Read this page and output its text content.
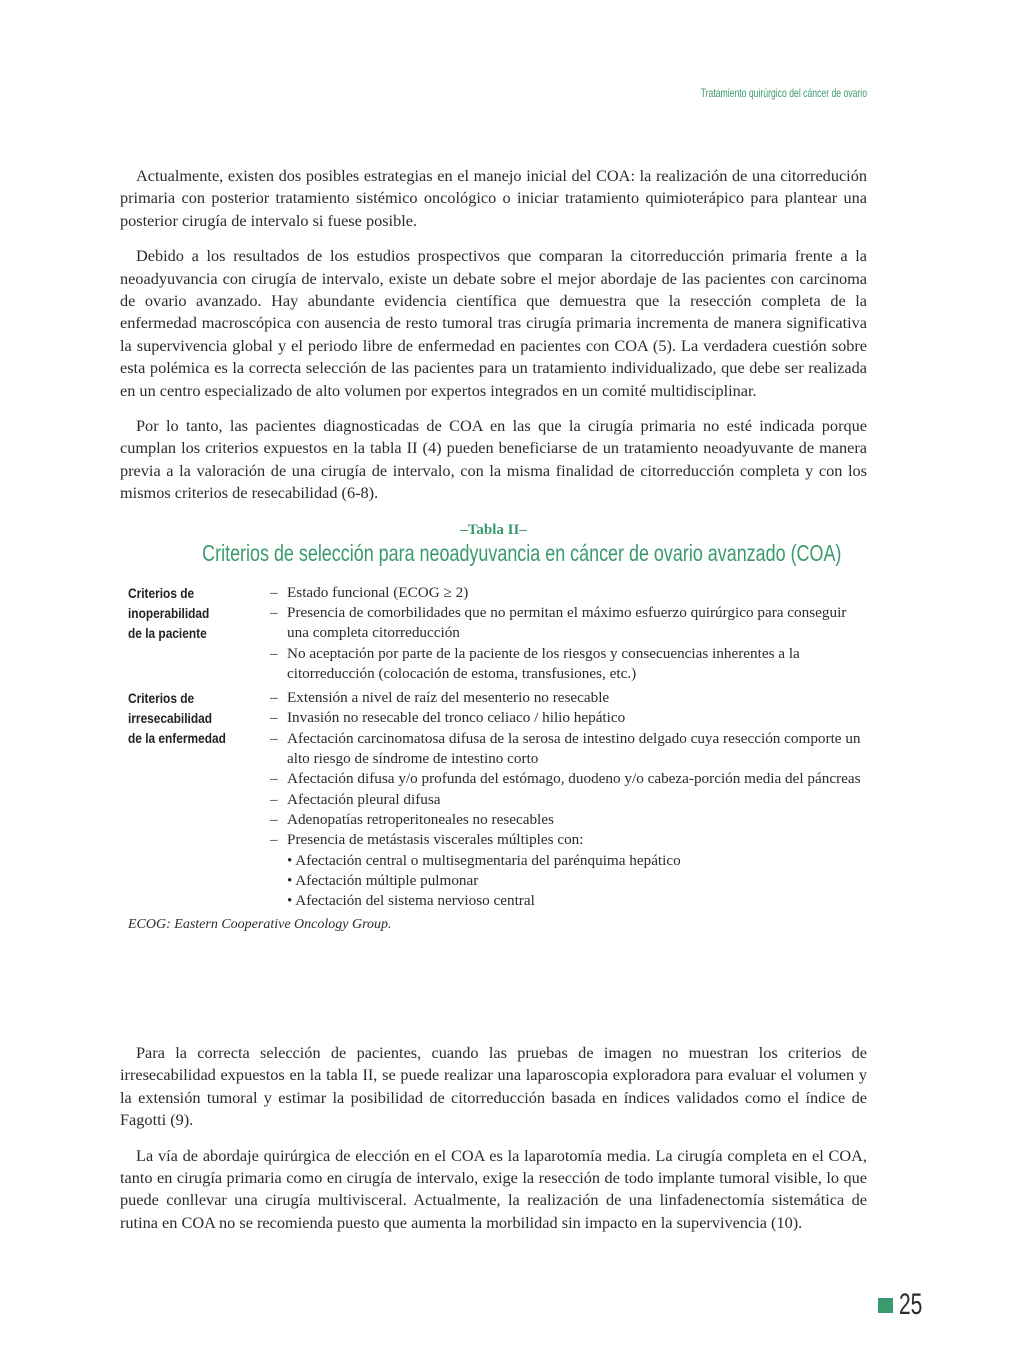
Tratamiento quirúrgico del cáncer de ovario

Actualmente, existen dos posibles estrategias en el manejo inicial del COA: la realización de una citorredución primaria con posterior tratamiento sistémico oncológico o iniciar tratamiento quimioterápico para plantear una posterior cirugía de intervalo si fuese posible.

Debido a los resultados de los estudios prospectivos que comparan la citorreducción primaria frente a la neoadyuvancia con cirugía de intervalo, existe un debate sobre el mejor abordaje de las pacientes con carcinoma de ovario avanzado. Hay abundante evidencia científica que demuestra que la resección completa de la enfermedad macroscópica con ausencia de resto tumoral tras cirugía primaria incrementa de manera significativa la supervivencia global y el periodo libre de enfermedad en pacientes con COA (5). La verdadera cuestión sobre esta polémica es la correcta selección de las pacientes para un tratamiento individualizado, que debe ser realizada en un centro especializado de alto volumen por expertos integrados en un comité multidisciplinar.

Por lo tanto, las pacientes diagnosticadas de COA en las que la cirugía primaria no esté indicada porque cumplan los criterios expuestos en la tabla II (4) pueden beneficiarse de un tratamiento neoadyuvante de manera previa a la valoración de una cirugía de intervalo, con la misma finalidad de citorreducción completa y con los mismos criterios de resecabilidad (6-8).

–Tabla II–
Criterios de selección para neoadyuvancia en cáncer de ovario avanzado (COA)
Criterios de
inoperabilidad
de la paciente
– Estado funcional (ECOG ≥ 2)
– Presencia de comorbilidades que no permitan el máximo esfuerzo quirúrgico para conseguir una completa citorreducción
– No aceptación por parte de la paciente de los riesgos y consecuencias inherentes a la citorreducción (colocación de estoma, transfusiones, etc.)
Criterios de
irresecabilidad
de la enfermedad
– Extensión a nivel de raíz del mesenterio no resecable
– Invasión no resecable del tronco celiaco / hilio hepático
– Afectación carcinomatosa difusa de la serosa de intestino delgado cuya resección comporte un alto riesgo de síndrome de intestino corto
– Afectación difusa y/o profunda del estómago, duodeno y/o cabeza-porción media del páncreas
– Afectación pleural difusa
– Adenopatías retroperitoneales no resecables
– Presencia de metástasis viscerales múltiples con:
• Afectación central o multisegmentaria del parénquima hepático
• Afectación múltiple pulmonar
• Afectación del sistema nervioso central
ECOG: Eastern Cooperative Oncology Group.

Para la correcta selección de pacientes, cuando las pruebas de imagen no muestran los criterios de irresecabilidad expuestos en la tabla II, se puede realizar una laparoscopia exploradora para evaluar el volumen y la extensión tumoral y estimar la posibilidad de citorreducción basada en índices validados como el índice de Fagotti (9).

La vía de abordaje quirúrgica de elección en el COA es la laparotomía media. La cirugía completa en el COA, tanto en cirugía primaria como en cirugía de intervalo, exige la resección de todo implante tumoral visible, lo que puede conllevar una cirugía multivisceral. Actualmente, la realización de una linfadenectomía sistemática de rutina en COA no se recomienda puesto que aumenta la morbilidad sin impacto en la supervivencia (10).

25
